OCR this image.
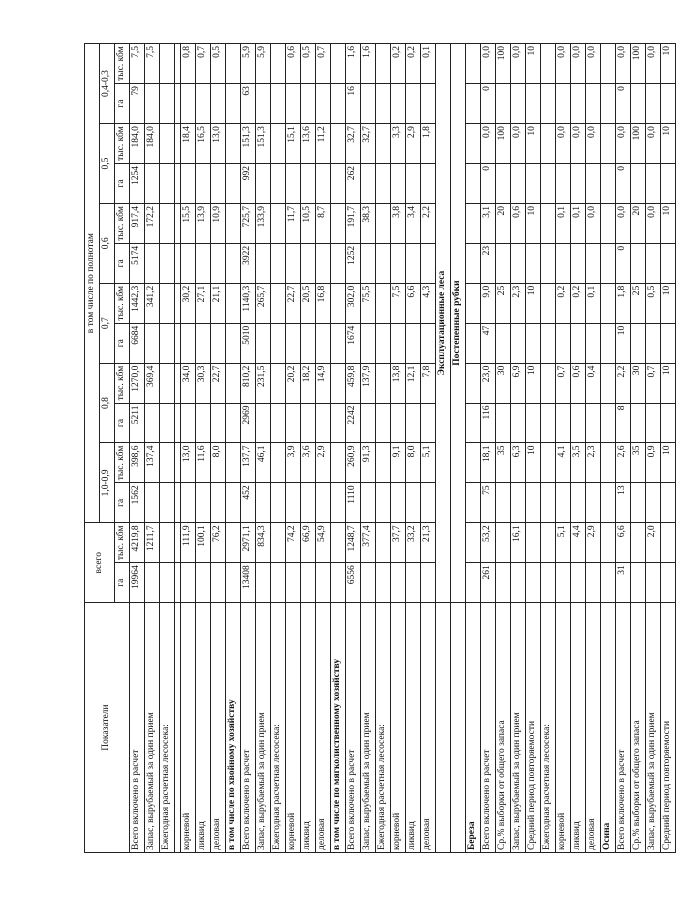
Показатели	всего		в том числе по полнотам											
			1,0-0,9		0,8		0,7		0,6		0,5		0,4-0,3	
	га	тыс. кбм	га	тыс. кбм	га	тыс. кбм	га	тыс. кбм	га	тыс. кбм	га	тыс. кбм	га	тыс. кбм
Всего включено в расчет	19964	4219,8	1562	398,6	5211	1270,0	6684	1442,3	5174	917,4	1254	184,0	79	7,5
Запас, вырубаемый за один прием		1211,7		137,4		369,4		341,2		172,2		184,0		7,5
Ежегодная расчетная лесосека:														

корневой		111,9		13,0		34,0		30,2		15,5		18,4		0,8
ликвид		100,1		11,6		30,3		27,1		13,9		16,5		0,7
деловая		76,2		8,0		22,7		21,1		10,9		13,0		0,5
в том числе по хвойному хозяйству														
Всего включено в расчет	13408	2971,1	452	137,7	2969	810,2	5010	1140,3	3922	725,7	992	151,3	63	5,9
Запас, вырубаемый за один прием		834,3		46,1		231,5		265,7		133,9		151,3		5,9
Ежегодная расчетная лесосека:														
корневой		74,2		3,9		20,2		22,7		11,7		15,1		0,6
ликвид		66,9		3,6		18,2		20,5		10,5		13,6		0,5
деловая		54,9		2,9		14,9		16,8		8,7		11,2		0,7
в том числе по мягколиственному хозяйству														
Всего включено в расчет	6556	1248,7	1110	260,9	2242	459,8	1674	302,0	1252	191,7	262	32,7	16	1,6
Запас, вырубаемый за один прием		377,4		91,3		137,9		75,5		38,3		32,7		1,6
Ежегодная расчетная лесосека:														
корневой		37,7		9,1		13,8		7,5		3,8		3,3		0,2
ликвид		33,2		8,0		12,1		6,6		3,4		2,9		0,2
деловая		21,3		5,1		7,8		4,3		2,2		1,8		0,1
	Эксплуатационные леса													
	Постепенные рубки													
Береза														
Всего включено в расчет	261	53,2	75	18,1	116	23,0	47	9,0	23	3,1	0	0,0	0	0,0
Ср.% выборки от общего запаса				35		30		25		20		100		100
Запас, вырубаемый за один прием		16,1		6,3		6,9		2,3		0,6		0,0		0,0
Средний период повторяемости				10		10		10		10		10		10
Ежегодная расчетная лесосека:														
корневой		5,1		4,1		0,7		0,2		0,1		0,0		0,0
ликвид		4,4		3,5		0,6		0,2		0,1		0,0		0,0
деловая		2,9		2,3		0,4		0,1		0,0		0,0		0,0
Осина														
Всего включено в расчет	31	6,6	13	2,6	8	2,2	10	1,8	0	0,0	0	0,0	0	0,0
Ср.% выборки от общего запаса				35		30		25		20		100		100
Запас, вырубаемый за один прием		2,0		0,9		0,7		0,5		0,0		0,0		0,0
Средний период повторяемости				10		10		10		10		10		10
